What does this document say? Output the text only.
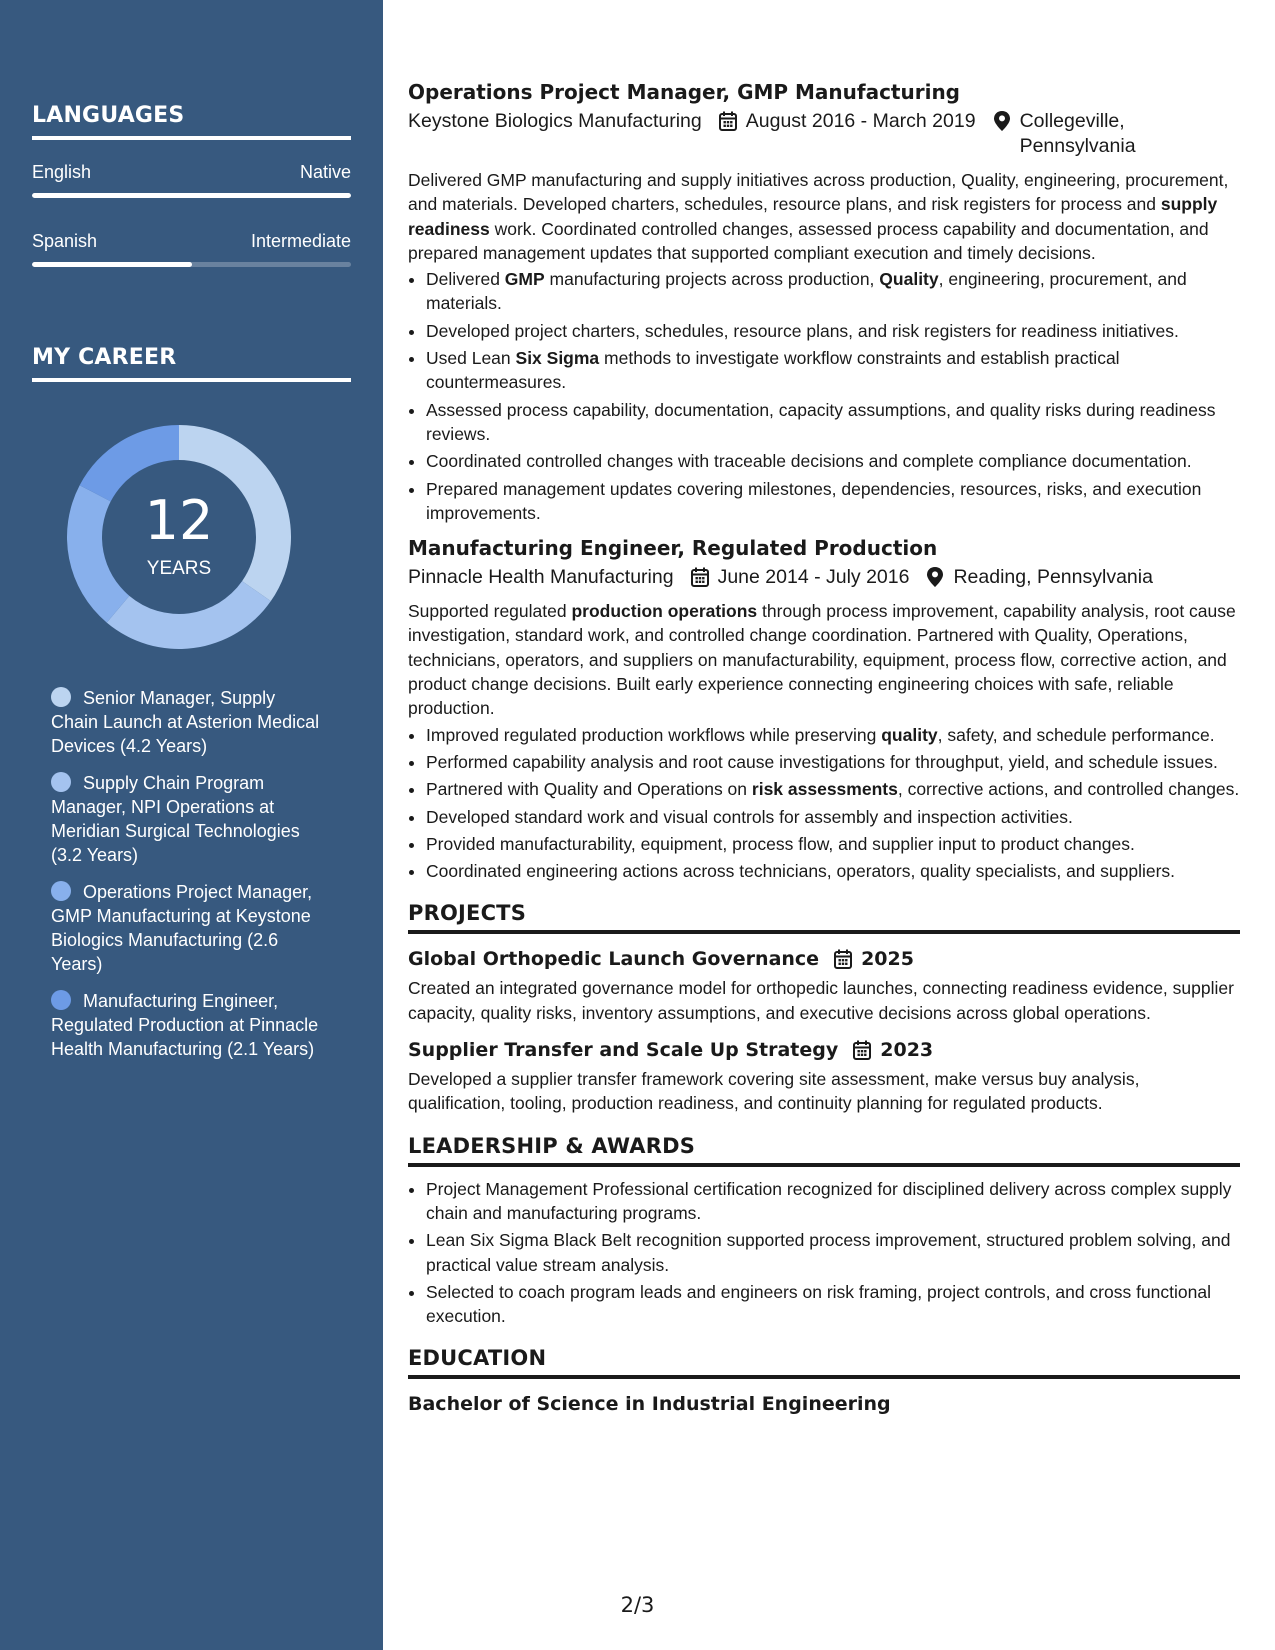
LANGUAGES
English	Native
Spanish	Intermediate
MY CAREER
12
YEARS
Senior Manager, Supply Chain Launch at Asterion Medical Devices (4.2 Years)
Supply Chain Program Manager, NPI Operations at Meridian Surgical Technologies (3.2 Years)
Operations Project Manager, GMP Manufacturing at Keystone Biologics Manufacturing (2.6 Years)
Manufacturing Engineer, Regulated Production at Pinnacle Health Manufacturing (2.1 Years)
Operations Project Manager, GMP Manufacturing
Keystone Biologics Manufacturing August 2016 - March 2019 Collegeville, Pennsylvania

Delivered GMP manufacturing and supply initiatives across production, Quality, engineering, procurement, and materials. Developed charters, schedules, resource plans, and risk registers for process and supply readiness work. Coordinated controlled changes, assessed process capability and documentation, and prepared management updates that supported compliant execution and timely decisions.

• Delivered GMP manufacturing projects across production, Quality, engineering, procurement, and materials.
• Developed project charters, schedules, resource plans, and risk registers for readiness initiatives.
• Used Lean Six Sigma methods to investigate workflow constraints and establish practical countermeasures.
• Assessed process capability, documentation, capacity assumptions, and quality risks during readiness reviews.
• Coordinated controlled changes with traceable decisions and complete compliance documentation.
• Prepared management updates covering milestones, dependencies, resources, risks, and execution improvements.
Manufacturing Engineer, Regulated Production
Pinnacle Health Manufacturing June 2014 - July 2016 Reading, Pennsylvania

Supported regulated production operations through process improvement, capability analysis, root cause investigation, standard work, and controlled change coordination. Partnered with Quality, Operations, technicians, operators, and suppliers on manufacturability, equipment, process flow, corrective action, and product change decisions. Built early experience connecting engineering choices with safe, reliable production.

• Improved regulated production workflows while preserving quality, safety, and schedule performance.
• Performed capability analysis and root cause investigations for throughput, yield, and schedule issues.
• Partnered with Quality and Operations on risk assessments, corrective actions, and controlled changes.
• Developed standard work and visual controls for assembly and inspection activities.
• Provided manufacturability, equipment, process flow, and supplier input to product changes.
• Coordinated engineering actions across technicians, operators, quality specialists, and suppliers.
PROJECTS
Global Orthopedic Launch Governance 2025

Created an integrated governance model for orthopedic launches, connecting readiness evidence, supplier capacity, quality risks, inventory assumptions, and executive decisions across global operations.

Supplier Transfer and Scale Up Strategy 2023

Developed a supplier transfer framework covering site assessment, make versus buy analysis, qualification, tooling, production readiness, and continuity planning for regulated products.

LEADERSHIP & AWARDS
• Project Management Professional certification recognized for disciplined delivery across complex supply chain and manufacturing programs.
• Lean Six Sigma Black Belt recognition supported process improvement, structured problem solving, and practical value stream analysis.
• Selected to coach program leads and engineers on risk framing, project controls, and cross functional execution.
EDUCATION
Bachelor of Science in Industrial Engineering
2/3
